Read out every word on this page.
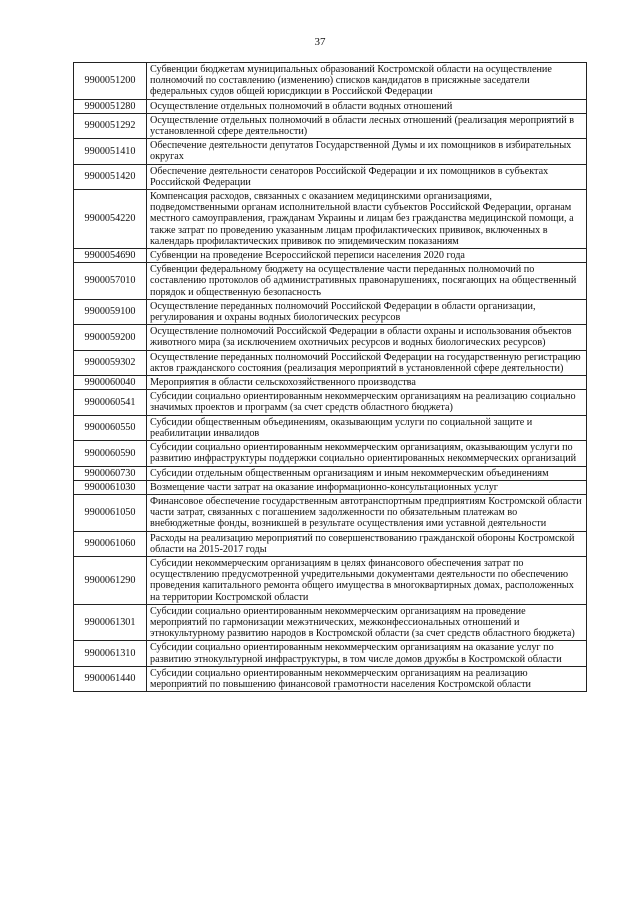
37
9900051200	Субвенции бюджетам муниципальных образований Костромской области на осуществление полномочий по составлению (изменению) списков кандидатов в присяжные заседатели федеральных судов общей юрисдикции в Российской Федерации
9900051280	Осуществление отдельных полномочий в области водных отношений
9900051292	Осуществление отдельных полномочий в области лесных отношений (реализация мероприятий в установленной сфере деятельности)
9900051410	Обеспечение деятельности депутатов Государственной Думы и их помощников в избирательных округах
9900051420	Обеспечение деятельности сенаторов Российской Федерации и их помощников в субъектах Российской Федерации
9900054220	Компенсация расходов, связанных с оказанием медицинскими организациями, подведомственными органам исполнительной власти субъектов Российской Федерации, органам местного самоуправления, гражданам Украины и лицам без гражданства медицинской помощи, а также затрат по проведению указанным лицам профилактических прививок, включенных в календарь профилактических прививок по эпидемическим показаниям
9900054690	Субвенции на проведение Всероссийской переписи населения 2020 года
9900057010	Субвенции федеральному бюджету на осуществление части переданных полномочий по составлению протоколов об административных правонарушениях, посягающих на общественный порядок и общественную безопасность
9900059100	Осуществление переданных полномочий Российской Федерации в области организации, регулирования и охраны водных биологических ресурсов
9900059200	Осуществление полномочий Российской Федерации в области охраны и использования объектов животного мира (за исключением охотничьих ресурсов и водных биологических ресурсов)
9900059302	Осуществление переданных полномочий Российской Федерации на государственную регистрацию актов гражданского состояния (реализация мероприятий в установленной сфере деятельности)
9900060040	Мероприятия в области сельскохозяйственного производства
9900060541	Субсидии социально ориентированным некоммерческим организациям на реализацию социально значимых проектов и программ (за счет средств областного бюджета)
9900060550	Субсидии общественным объединениям, оказывающим услуги по социальной защите и реабилитации инвалидов
9900060590	Субсидии социально ориентированным некоммерческим организациям, оказывающим услуги по развитию инфраструктуры поддержки социально ориентированных некоммерческих организаций
9900060730	Субсидии отдельным общественным организациям и иным некоммерческим объединениям
9900061030	Возмещение части затрат на оказание информационно-консультационных услуг
9900061050	Финансовое обеспечение государственным автотранспортным предприятиям Костромской области части затрат, связанных с погашением задолженности по обязательным платежам во внебюджетные фонды, возникшей в результате осуществления ими уставной деятельности
9900061060	Расходы на реализацию мероприятий по совершенствованию гражданской обороны Костромской области на 2015-2017 годы
9900061290	Субсидии некоммерческим организациям в целях финансового обеспечения затрат по осуществлению предусмотренной учредительными документами деятельности по обеспечению проведения капитального ремонта общего имущества в многоквартирных домах, расположенных на территории Костромской области
9900061301	Субсидии социально ориентированным некоммерческим организациям на проведение мероприятий по гармонизации межэтнических, межконфессиональных отношений и этнокультурному развитию народов в Костромской области (за счет средств областного бюджета)
9900061310	Субсидии социально ориентированным некоммерческим организациям на оказание услуг по развитию этнокультурной инфраструктуры, в том числе домов дружбы в Костромской области
9900061440	Субсидии социально ориентированным некоммерческим организациям на реализацию мероприятий по повышению финансовой грамотности населения Костромской области
